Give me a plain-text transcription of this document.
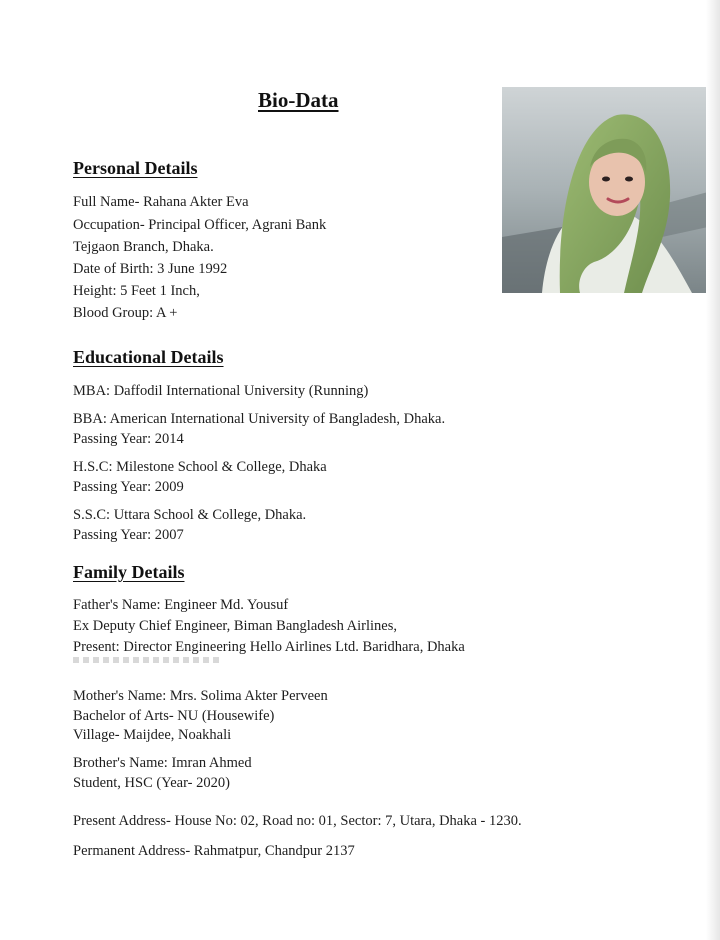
Bio-Data
Personal Details
Full Name- Rahana Akter Eva
Occupation- Principal Officer, Agrani Bank
Tejgaon Branch, Dhaka.
Date of Birth: 3 June 1992
Height: 5 Feet 1 Inch,
Blood Group: A +
Educational Details
MBA: Daffodil International University (Running)
BBA: American International University of Bangladesh, Dhaka.
Passing Year: 2014
H.S.C: Milestone School & College, Dhaka
Passing Year: 2009
S.S.C: Uttara School & College, Dhaka.
Passing Year: 2007
Family Details
Father's Name: Engineer Md. Yousuf
Ex Deputy Chief Engineer, Biman Bangladesh Airlines,
Present: Director Engineering Hello Airlines Ltd. Baridhara, Dhaka
Mother's Name: Mrs. Solima Akter Perveen
Bachelor of Arts- NU (Housewife)
Village- Maijdee, Noakhali
Brother's Name: Imran Ahmed
Student, HSC (Year- 2020)
Present Address- House No: 02, Road no: 01, Sector: 7, Utara, Dhaka - 1230.
Permanent Address- Rahmatpur, Chandpur 2137
